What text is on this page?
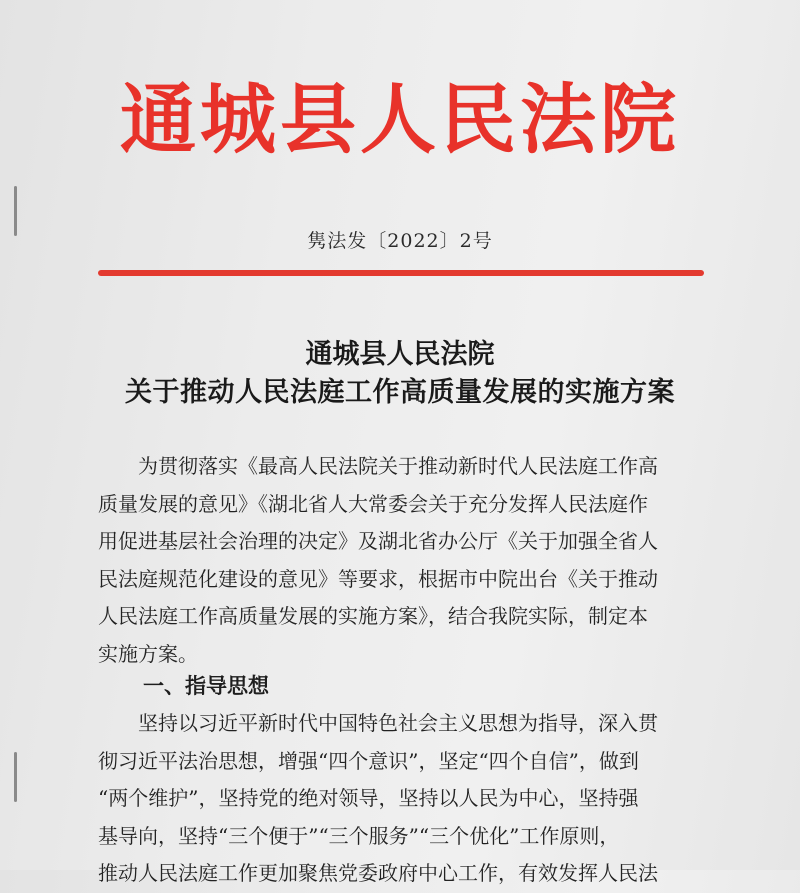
通城县人民法院
隽法发〔2022〕2号
通城县人民法院
关于推动人民法庭工作高质量发展的实施方案
　　为贯彻落实《最高人民法院关于推动新时代人民法庭工作高
质量发展的意见》《湖北省人大常委会关于充分发挥人民法庭作
用促进基层社会治理的决定》及湖北省办公厅《关于加强全省人
民法庭规范化建设的意见》等要求，根据市中院出台《关于推动
人民法庭工作高质量发展的实施方案》，结合我院实际，制定本
实施方案。
一、指导思想
　　坚持以习近平新时代中国特色社会主义思想为指导，深入贯
彻习近平法治思想，增强“四个意识”，坚定“四个自信”，做到
“两个维护”，坚持党的绝对领导，坚持以人民为中心，坚持强
基导向，坚持“三个便于”“三个服务”“三个优化”工作原则，
推动人民法庭工作更加聚焦党委政府中心工作，有效发挥人民法
